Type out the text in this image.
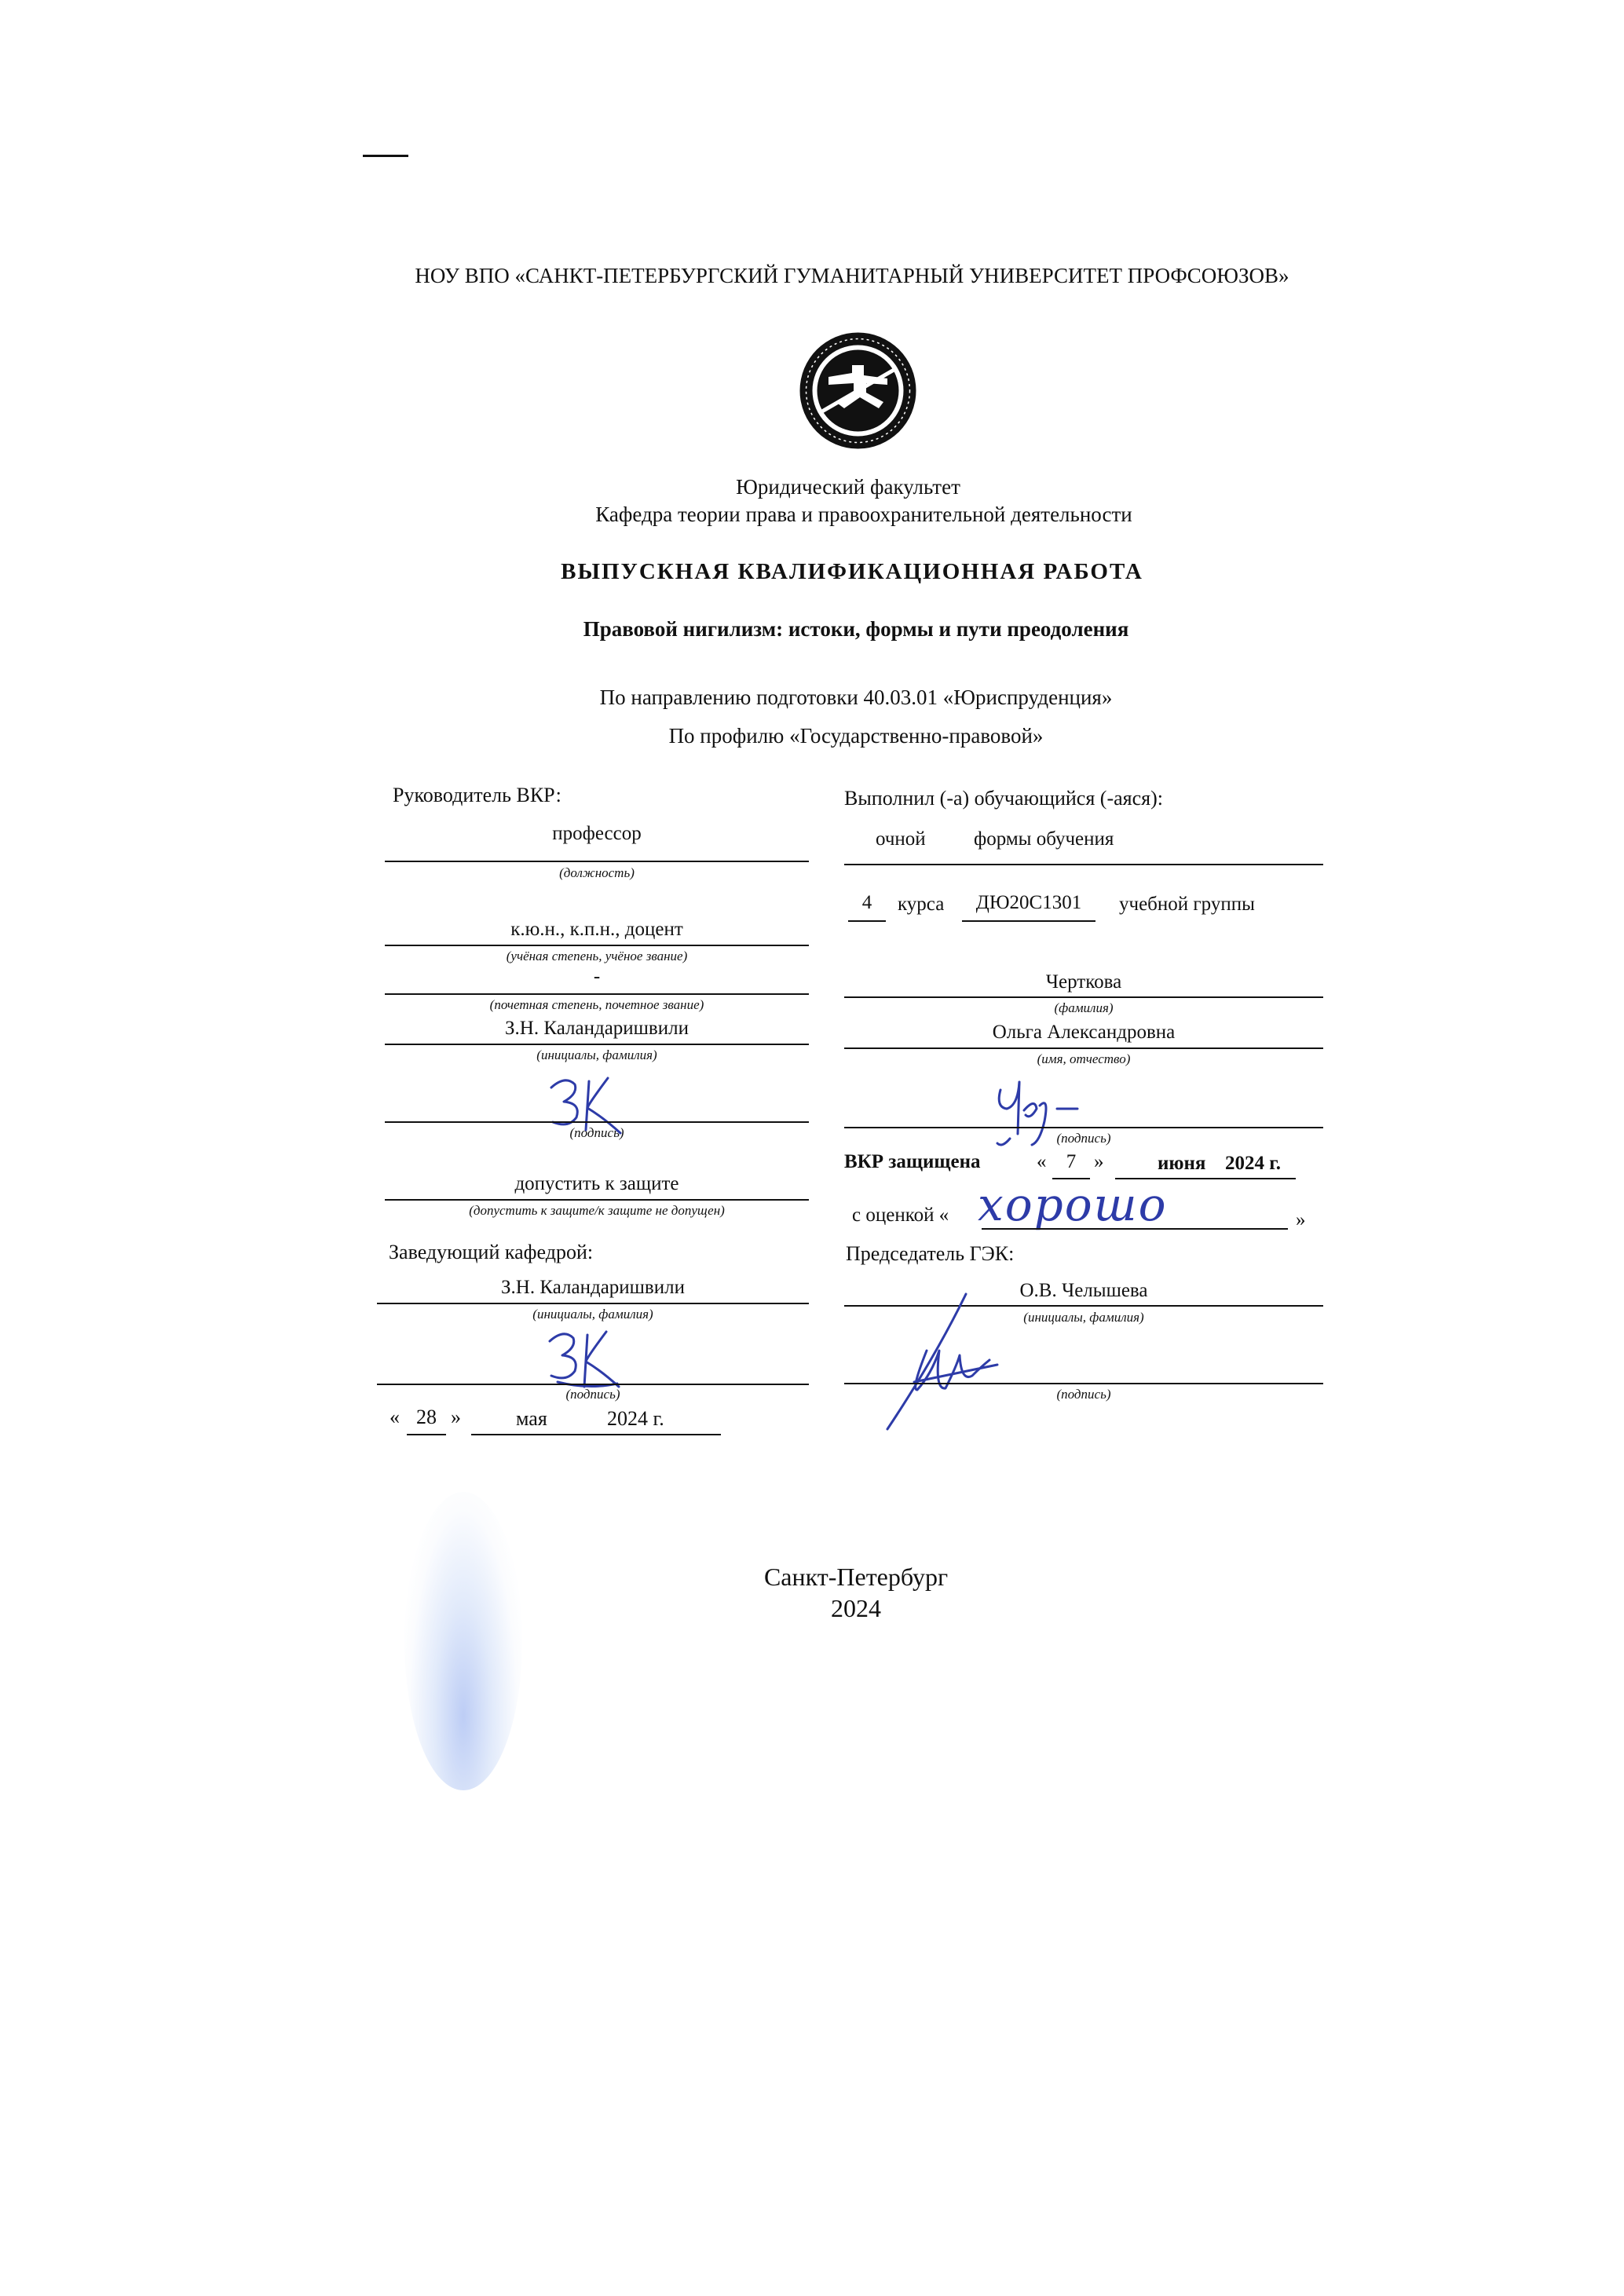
НОУ ВПО «САНКТ-ПЕТЕРБУРГСКИЙ ГУМАНИТАРНЫЙ УНИВЕРСИТЕТ ПРОФСОЮЗОВ»
Юридический факультет
Кафедра теории права и правоохранительной деятельности
ВЫПУСКНАЯ КВАЛИФИКАЦИОННАЯ РАБОТА
Правовой нигилизм: истоки, формы и пути преодоления
По направлению подготовки 40.03.01 «Юриспруденция»
По профилю «Государственно-правовой»
Руководитель ВКР:
профессор
(должность)
к.ю.н., к.п.н., доцент
(учёная степень, учёное звание)
-
(почетная степень, почетное звание)
З.Н. Каландаришвили
(инициалы, фамилия)
(подпись)
допустить к защите
(допустить к защите/к защите не допущен)
Заведующий кафедрой:
З.Н. Каландаришвили
(инициалы, фамилия)
(подпись)
« 28 »	мая	2024 г.
Выполнил (-а) обучающийся (-аяся):
очной формы обучения
4	курса	ДЮ20С1301	учебной группы
Черткова
(фамилия)
Ольга Александровна
(имя, отчество)
(подпись)
ВКР защищена	«	7 »	июня 2024 г.
с оценкой « хорошо	»
Председатель ГЭК:
О.В. Челышева
(инициалы, фамилия)
(подпись)
Санкт-Петербург
2024
